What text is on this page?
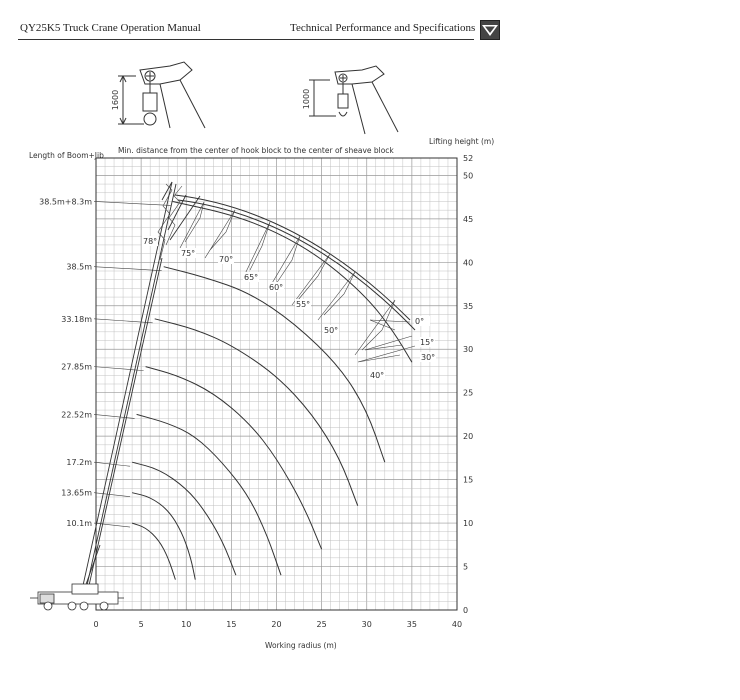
QY25K5 Truck Crane Operation Manual	Technical Performance and Specifications
1600	1000
Length of Boom+Jib
Min. distance from the center of hook block to the center of sheave block
Lifting height (m)
Working radius (m)
0	5	10	15	20	25	30	35	40
0
5
10
15
20
25
30
35
40
45
50
52
38.5m+8.3m
38.5m
33.18m
27.85m
22.52m
17.2m
13.65m
10.1m
78°
75°
70°
65°
60°
55°
50°
40°
0°
15°
30°
